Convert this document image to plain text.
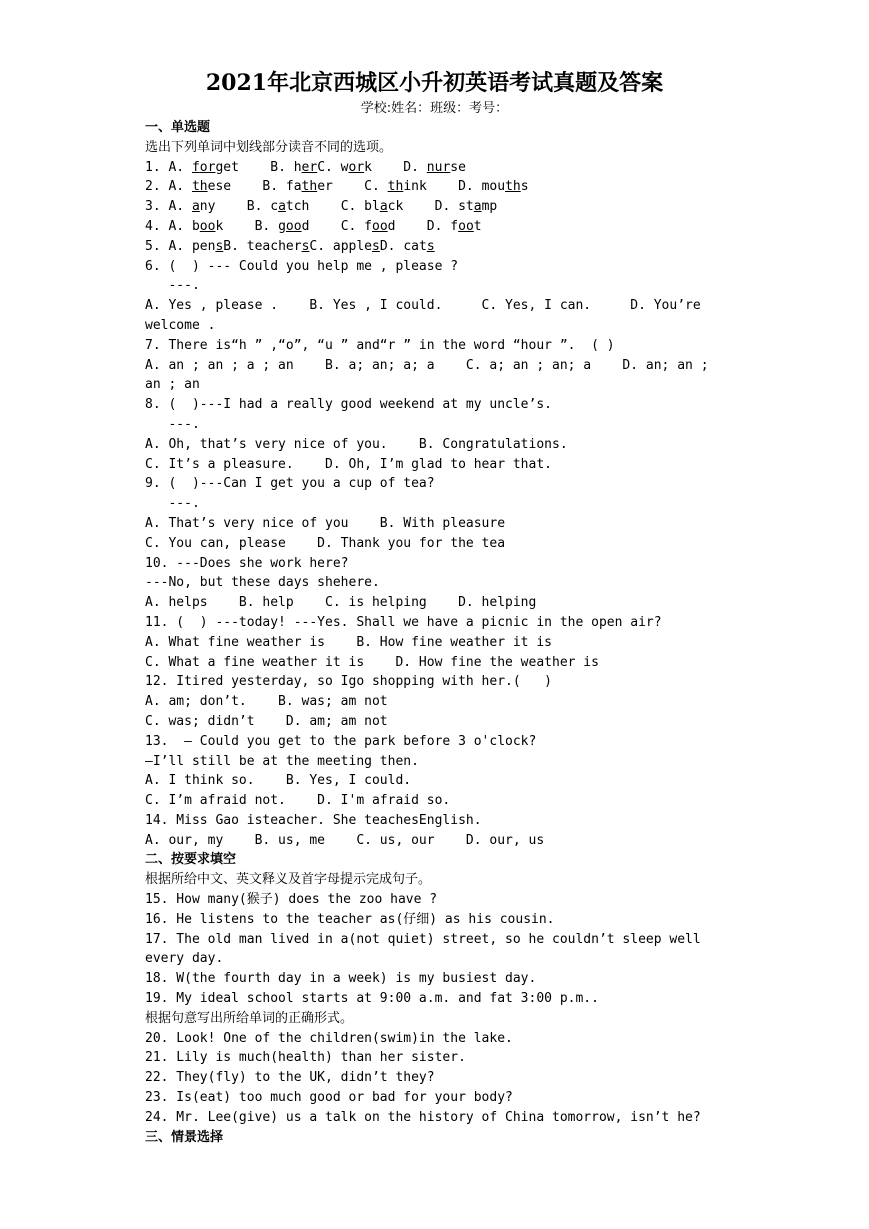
2021年北京西城区小升初英语考试真题及答案
学校:姓名：班级：考号：
一、单选题
选出下列单词中划线部分读音不同的选项。
1. A. forget    B. herC. work    D. nurse
2. A. these    B. father    C. think    D. mouths
3. A. any    B. catch    C. black    D. stamp
4. A. book    B. good    C. food    D. foot
5. A. pensB. teachersC. applesD. cats
6. (  ) --- Could you help me , please ?
---.
A. Yes , please .    B. Yes , I could.     C. Yes, I can.     D. You’re
welcome .
7. There is“h ” ,“o”, “u ” and“r ” in the word “hour ”.  ( )
A. an ; an ; a ; an    B. a; an; a; a    C. a; an ; an; a    D. an; an ;
an ; an
8. (  )---I had a really good weekend at my uncle’s.
---.
A. Oh, that’s very nice of you.    B. Congratulations.
C. It’s a pleasure.    D. Oh, I’m glad to hear that.
9. (  )---Can I get you a cup of tea?
---.
A. That’s very nice of you    B. With pleasure
C. You can, please    D. Thank you for the tea
10. ---Does she work here?
---No, but these days shehere.
A. helps    B. help    C. is helping    D. helping
11. (  ) ---today! ---Yes. Shall we have a picnic in the open air?
A. What fine weather is    B. How fine weather it is
C. What a fine weather it is    D. How fine the weather is
12. Itired yesterday, so Igo shopping with her.(   )
A. am; don’t.    B. was; am not
C. was; didn’t    D. am; am not
13.  — Could you get to the park before 3 o'clock?
—I’ll still be at the meeting then.
A. I think so.    B. Yes, I could.
C. I’m afraid not.    D. I'm afraid so.
14. Miss Gao isteacher. She teachesEnglish.
A. our, my    B. us, me    C. us, our    D. our, us
二、按要求填空
根据所给中文、英文释义及首字母提示完成句子。
15. How many(猴子) does the zoo have ?
16. He listens to the teacher as(仔细) as his cousin.
17. The old man lived in a(not quiet) street, so he couldn’t sleep well
every day.
18. W(the fourth day in a week) is my busiest day.
19. My ideal school starts at 9:00 a.m. and fat 3:00 p.m..
根据句意写出所给单词的正确形式。
20. Look! One of the children(swim)in the lake.
21. Lily is much(health) than her sister.
22. They(fly) to the UK, didn’t they?
23. Is(eat) too much good or bad for your body?
24. Mr. Lee(give) us a talk on the history of China tomorrow, isn’t he?
三、情景选择
